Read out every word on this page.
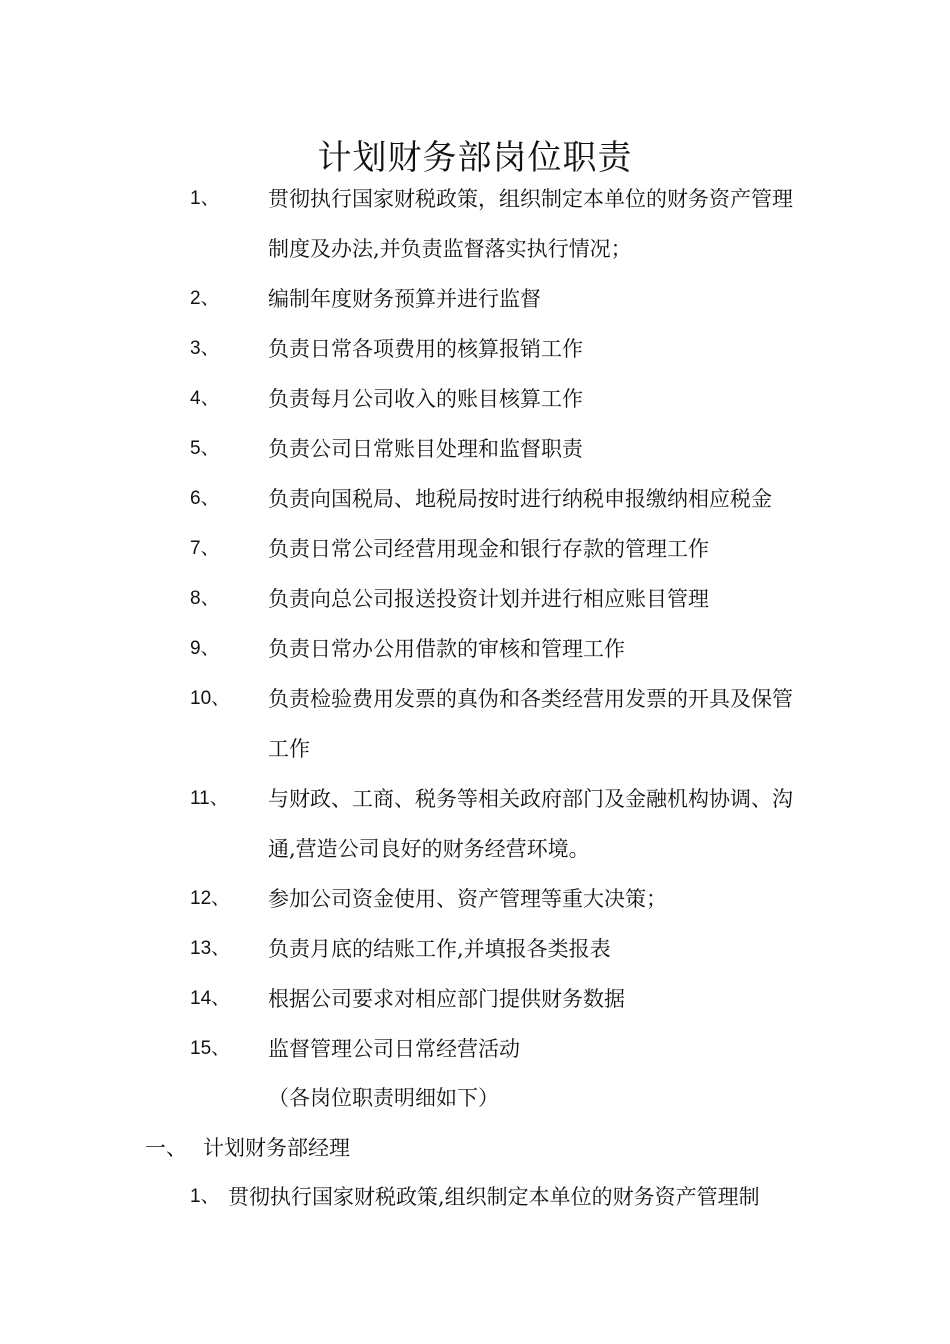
计划财务部岗位职责
1、	贯彻执行国家财税政策，组织制定本单位的财务资产管理制度及办法,并负责监督落实执行情况；
2、	编制年度财务预算并进行监督
3、	负责日常各项费用的核算报销工作
4、	负责每月公司收入的账目核算工作
5、	负责公司日常账目处理和监督职责
6、	负责向国税局、地税局按时进行纳税申报缴纳相应税金
7、	负责日常公司经营用现金和银行存款的管理工作
8、	负责向总公司报送投资计划并进行相应账目管理
9、	负责日常办公用借款的审核和管理工作
10、	负责检验费用发票的真伪和各类经营用发票的开具及保管工作
11、	与财政、工商、税务等相关政府部门及金融机构协调、沟通,营造公司良好的财务经营环境。
12、	参加公司资金使用、资产管理等重大决策；
13、	负责月底的结账工作,并填报各类报表
14、	根据公司要求对相应部门提供财务数据
15、	监督管理公司日常经营活动
（各岗位职责明细如下）
一、 计划财务部经理
1、 贯彻执行国家财税政策,组织制定本单位的财务资产管理制
